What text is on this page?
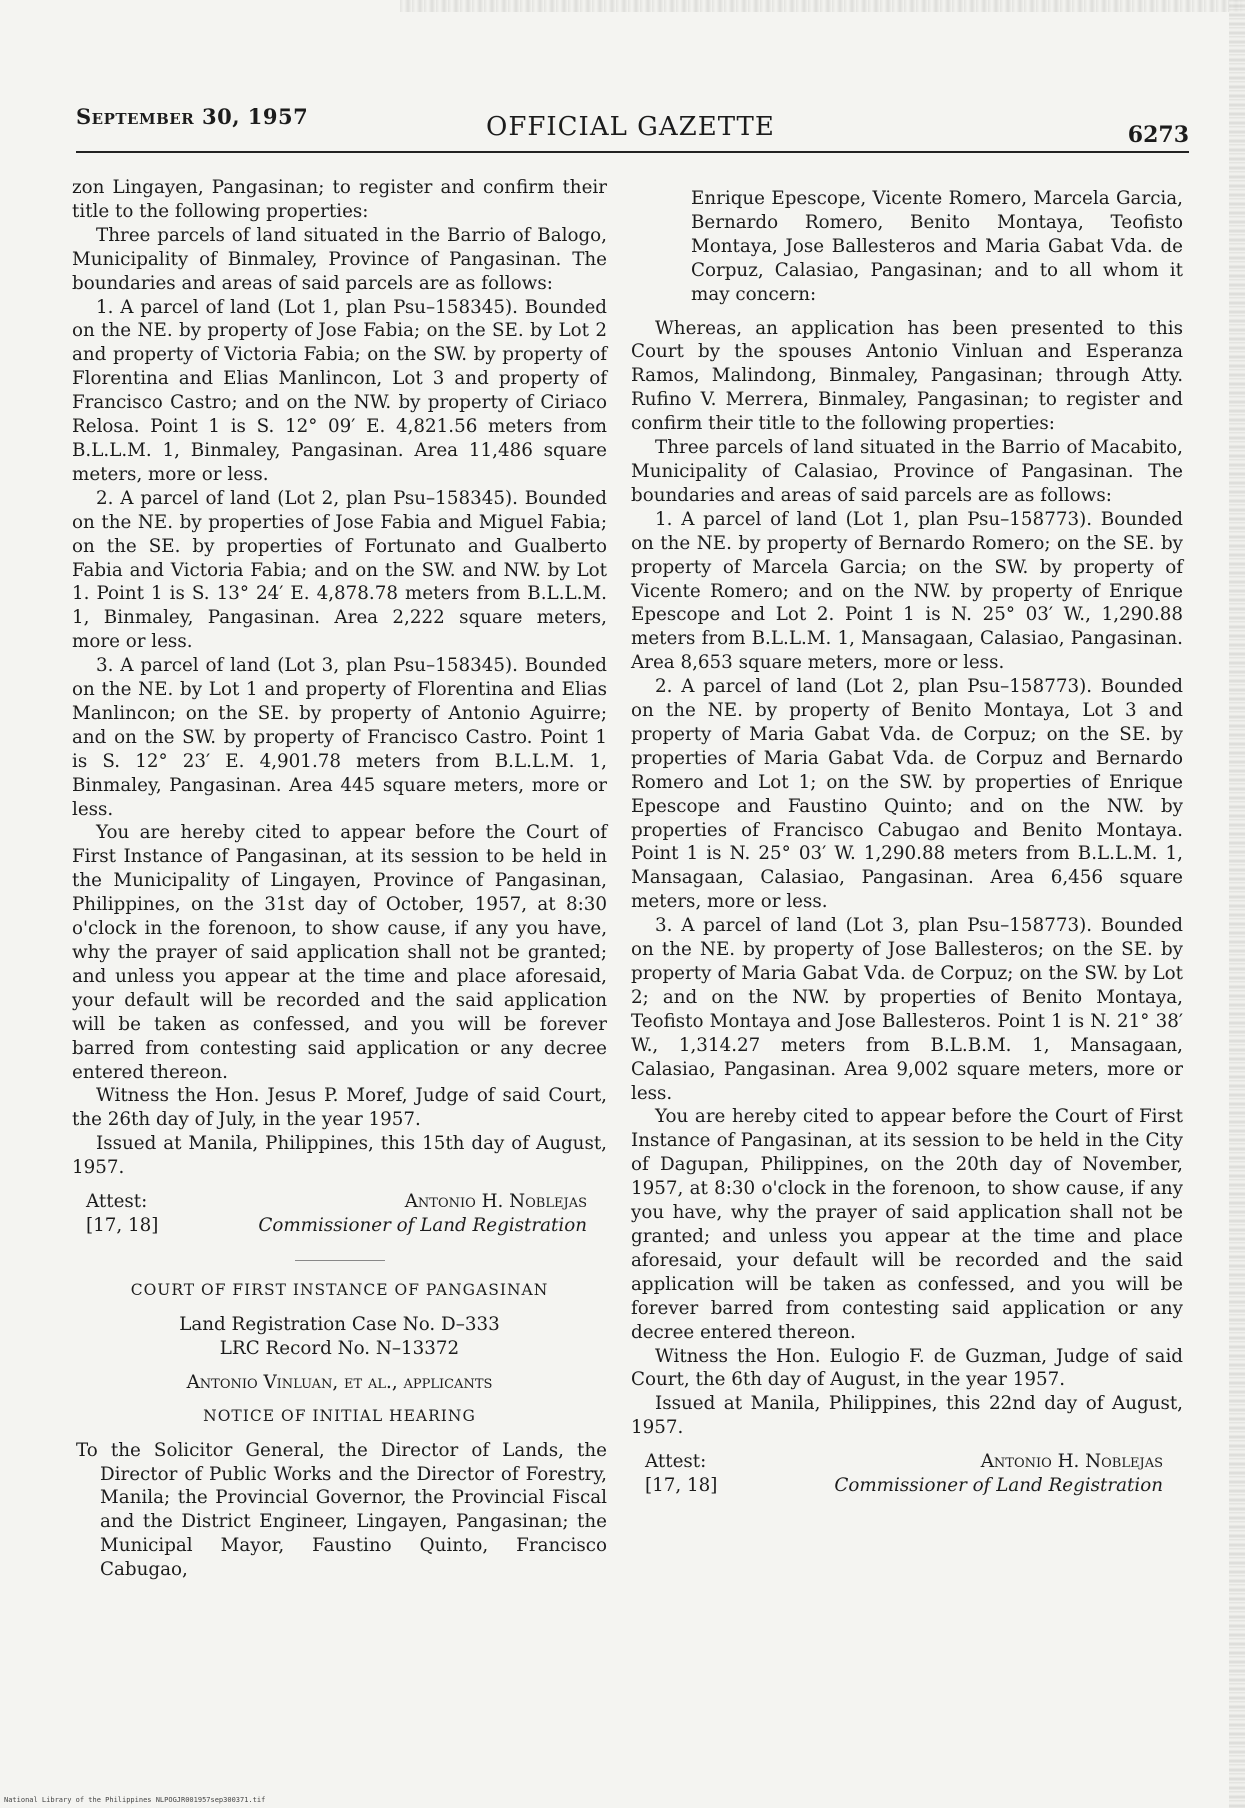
September 30, 1957	OFFICIAL GAZETTE	6273

zon Lingayen, Pangasinan; to register and confirm their title to the following properties:

Three parcels of land situated in the Barrio of Balogo, Municipality of Binmaley, Province of Pangasinan. The boundaries and areas of said parcels are as follows:

1. A parcel of land (Lot 1, plan Psu–158345). Bounded on the NE. by property of Jose Fabia; on the SE. by Lot 2 and property of Victoria Fabia; on the SW. by property of Florentina and Elias Manlincon, Lot 3 and property of Francisco Castro; and on the NW. by property of Ciriaco Relosa. Point 1 is S. 12° 09′ E. 4,821.56 meters from B.L.L.M. 1, Binmaley, Pangasinan. Area 11,486 square meters, more or less.

2. A parcel of land (Lot 2, plan Psu–158345). Bounded on the NE. by properties of Jose Fabia and Miguel Fabia; on the SE. by properties of Fortunato and Gualberto Fabia and Victoria Fabia; and on the SW. and NW. by Lot 1. Point 1 is S. 13° 24′ E. 4,878.78 meters from B.L.L.M. 1, Binmaley, Pangasinan. Area 2,222 square meters, more or less.

3. A parcel of land (Lot 3, plan Psu–158345). Bounded on the NE. by Lot 1 and property of Florentina and Elias Manlincon; on the SE. by property of Antonio Aguirre; and on the SW. by property of Francisco Castro. Point 1 is S. 12° 23′ E. 4,901.78 meters from B.L.L.M. 1, Binmaley, Pangasinan. Area 445 square meters, more or less.

You are hereby cited to appear before the Court of First Instance of Pangasinan, at its session to be held in the Municipality of Lingayen, Province of Pangasinan, Philippines, on the 31st day of October, 1957, at 8:30 o'clock in the forenoon, to show cause, if any you have, why the prayer of said application shall not be granted; and unless you appear at the time and place aforesaid, your default will be recorded and the said application will be taken as confessed, and you will be forever barred from contesting said application or any decree entered thereon.

Witness the Hon. Jesus P. Moref, Judge of said Court, the 26th day of July, in the year 1957.

Issued at Manila, Philippines, this 15th day of August, 1957.

Attest:
[17, 18]
Antonio H. Noblejas
Commissioner of Land Registration

COURT OF FIRST INSTANCE OF PANGASINAN

Land Registration Case No. D–333

LRC Record No. N–13372

Antonio Vinluan, et al., applicants

NOTICE OF INITIAL HEARING

To the Solicitor General, the Director of Lands, the Director of Public Works and the Director of Forestry, Manila; the Provincial Governor, the Provincial Fiscal and the District Engineer, Lingayen, Pangasinan; the Municipal Mayor, Faustino Quinto, Francisco Cabugao,

Enrique Epescope, Vicente Romero, Marcela Garcia, Bernardo Romero, Benito Montaya, Teofisto Montaya, Jose Ballesteros and Maria Gabat Vda. de Corpuz, Calasiao, Pangasinan; and to all whom it may concern:

Whereas, an application has been presented to this Court by the spouses Antonio Vinluan and Esperanza Ramos, Malindong, Binmaley, Pangasinan; through Atty. Rufino V. Merrera, Binmaley, Pangasinan; to register and confirm their title to the following properties:

Three parcels of land situated in the Barrio of Macabito, Municipality of Calasiao, Province of Pangasinan. The boundaries and areas of said parcels are as follows:

1. A parcel of land (Lot 1, plan Psu–158773). Bounded on the NE. by property of Bernardo Romero; on the SE. by property of Marcela Garcia; on the SW. by property of Vicente Romero; and on the NW. by property of Enrique Epescope and Lot 2. Point 1 is N. 25° 03′ W., 1,290.88 meters from B.L.L.M. 1, Mansagaan, Calasiao, Pangasinan. Area 8,653 square meters, more or less.

2. A parcel of land (Lot 2, plan Psu–158773). Bounded on the NE. by property of Benito Montaya, Lot 3 and property of Maria Gabat Vda. de Corpuz; on the SE. by properties of Maria Gabat Vda. de Corpuz and Bernardo Romero and Lot 1; on the SW. by properties of Enrique Epescope and Faustino Quinto; and on the NW. by properties of Francisco Cabugao and Benito Montaya. Point 1 is N. 25° 03′ W. 1,290.88 meters from B.L.L.M. 1, Mansagaan, Calasiao, Pangasinan. Area 6,456 square meters, more or less.

3. A parcel of land (Lot 3, plan Psu–158773). Bounded on the NE. by property of Jose Ballesteros; on the SE. by property of Maria Gabat Vda. de Corpuz; on the SW. by Lot 2; and on the NW. by properties of Benito Montaya, Teofisto Montaya and Jose Ballesteros. Point 1 is N. 21° 38′ W., 1,314.27 meters from B.L.B.M. 1, Mansagaan, Calasiao, Pangasinan. Area 9,002 square meters, more or less.

You are hereby cited to appear before the Court of First Instance of Pangasinan, at its session to be held in the City of Dagupan, Philippines, on the 20th day of November, 1957, at 8:30 o'clock in the forenoon, to show cause, if any you have, why the prayer of said application shall not be granted; and unless you appear at the time and place aforesaid, your default will be recorded and the said application will be taken as confessed, and you will be forever barred from contesting said application or any decree entered thereon.

Witness the Hon. Eulogio F. de Guzman, Judge of said Court, the 6th day of August, in the year 1957.

Issued at Manila, Philippines, this 22nd day of August, 1957.

Attest:
[17, 18]
Antonio H. Noblejas
Commissioner of Land Registration
National Library of the Philippines NLPOGJR001957sep300371.tif
